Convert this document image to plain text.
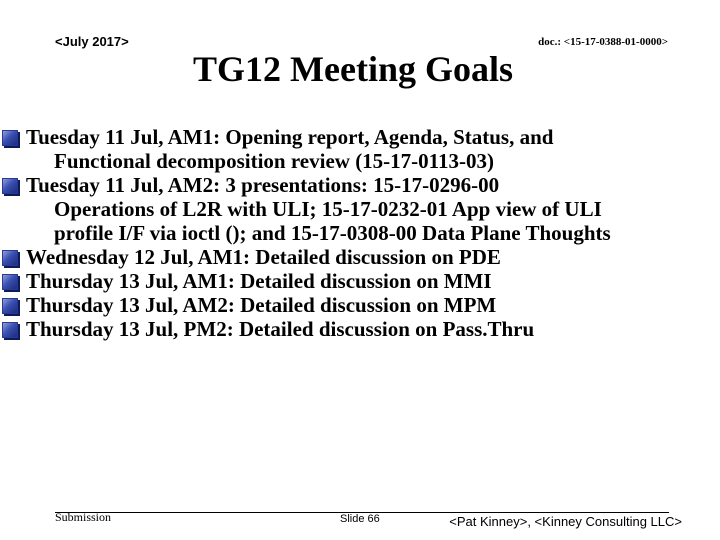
<July 2017>	doc.: <15-17-0388-01-0000>
TG12 Meeting Goals
Tuesday 11 Jul, AM1: Opening report, Agenda, Status, and
Functional decomposition review (15-17-0113-03)
Tuesday 11 Jul, AM2: 3 presentations: 15-17-0296-00
Operations of L2R with ULI; 15-17-0232-01 App view of ULI
profile I/F via ioctl (); and 15-17-0308-00 Data Plane Thoughts
Wednesday 12 Jul, AM1: Detailed discussion on PDE
Thursday 13 Jul, AM1: Detailed discussion on MMI
Thursday 13 Jul, AM2: Detailed discussion on MPM
Thursday 13 Jul, PM2: Detailed discussion on Pass.Thru
Submission	Slide 66	<Pat Kinney>, <Kinney Consulting LLC>
